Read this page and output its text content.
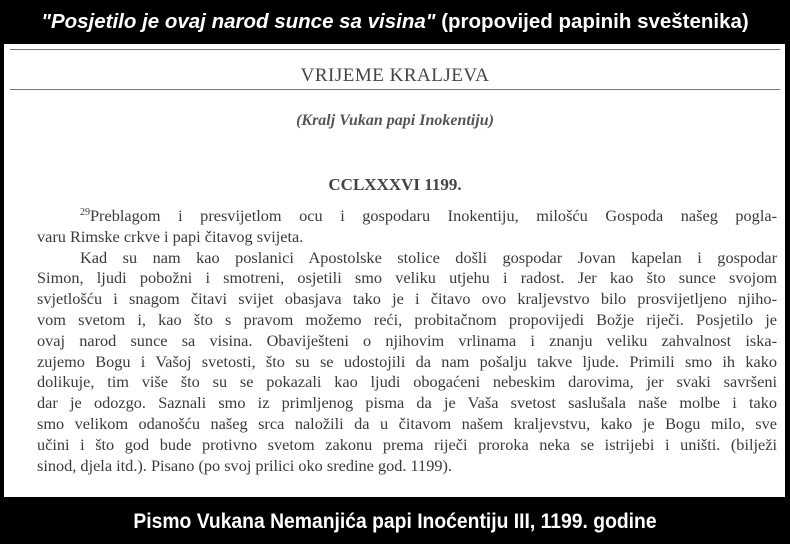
"Posjetilo je ovaj narod sunce sa visina" (propovijed papinih sveštenika)
VRIJEME KRALJEVA
(Kralj Vukan papi Inokentiju)
CCLXXXVI 1199.
$^{29}$Preblagom i presvijetlom ocu i gospodaru Inokentiju, milošću Gospoda našeg pogla-
varu Rimske crkve i papi čitavog svijeta.
Kad su nam kao poslanici Apostolske stolice došli gospodar Jovan kapelan i gospodar
Simon, ljudi pobožni i smotreni, osjetili smo veliku utjehu i radost. Jer kao što sunce svojom
svjetlošću i snagom čitavi svijet obasjava tako je i čitavo ovo kraljevstvo bilo prosvijetljeno njiho-
vom svetom i, kao što s pravom možemo reći, probitačnom propovijedi Božje riječi. Posjetilo je
ovaj narod sunce sa visina. Obaviješteni o njihovim vrlinama i znanju veliku zahvalnost iska-
zujemo Bogu i Vašoj svetosti, što su se udostojili da nam pošalju takve ljude. Primili smo ih kako
dolikuje, tim više što su se pokazali kao ljudi obogaćeni nebeskim darovima, jer svaki savršeni
dar je odozgo. Saznali smo iz primljenog pisma da je Vaša svetost saslušala naše molbe i tako
smo velikom odanošću našeg srca naložili da u čitavom našem kraljevstvu, kako je Bogu milo, sve
učini i što god bude protivno svetom zakonu prema riječi proroka neka se istrijebi i uništi. (bilježi
sinod, djela itd.). Pisano (po svoj prilici oko sredine god. 1199).
Pismo Vukana Nemanjića papi Inoćentiju III, 1199. godine
